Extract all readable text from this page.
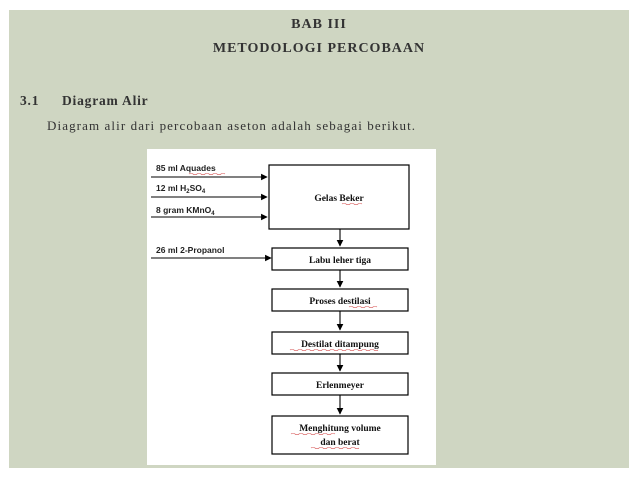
BAB III
METODOLOGI PERCOBAAN
3.1 Diagram Alir
Diagram alir dari percobaan aseton adalah sebagai berikut.
85 ml Aquades
12 ml $H_2SO_4$
8 gram KMnO$_4$
26 ml 2-Propanol
Gelas Beker
Labu leher tiga
Proses destilasi
Destilat ditampung
Erlenmeyer
Menghitung volume
dan berat
